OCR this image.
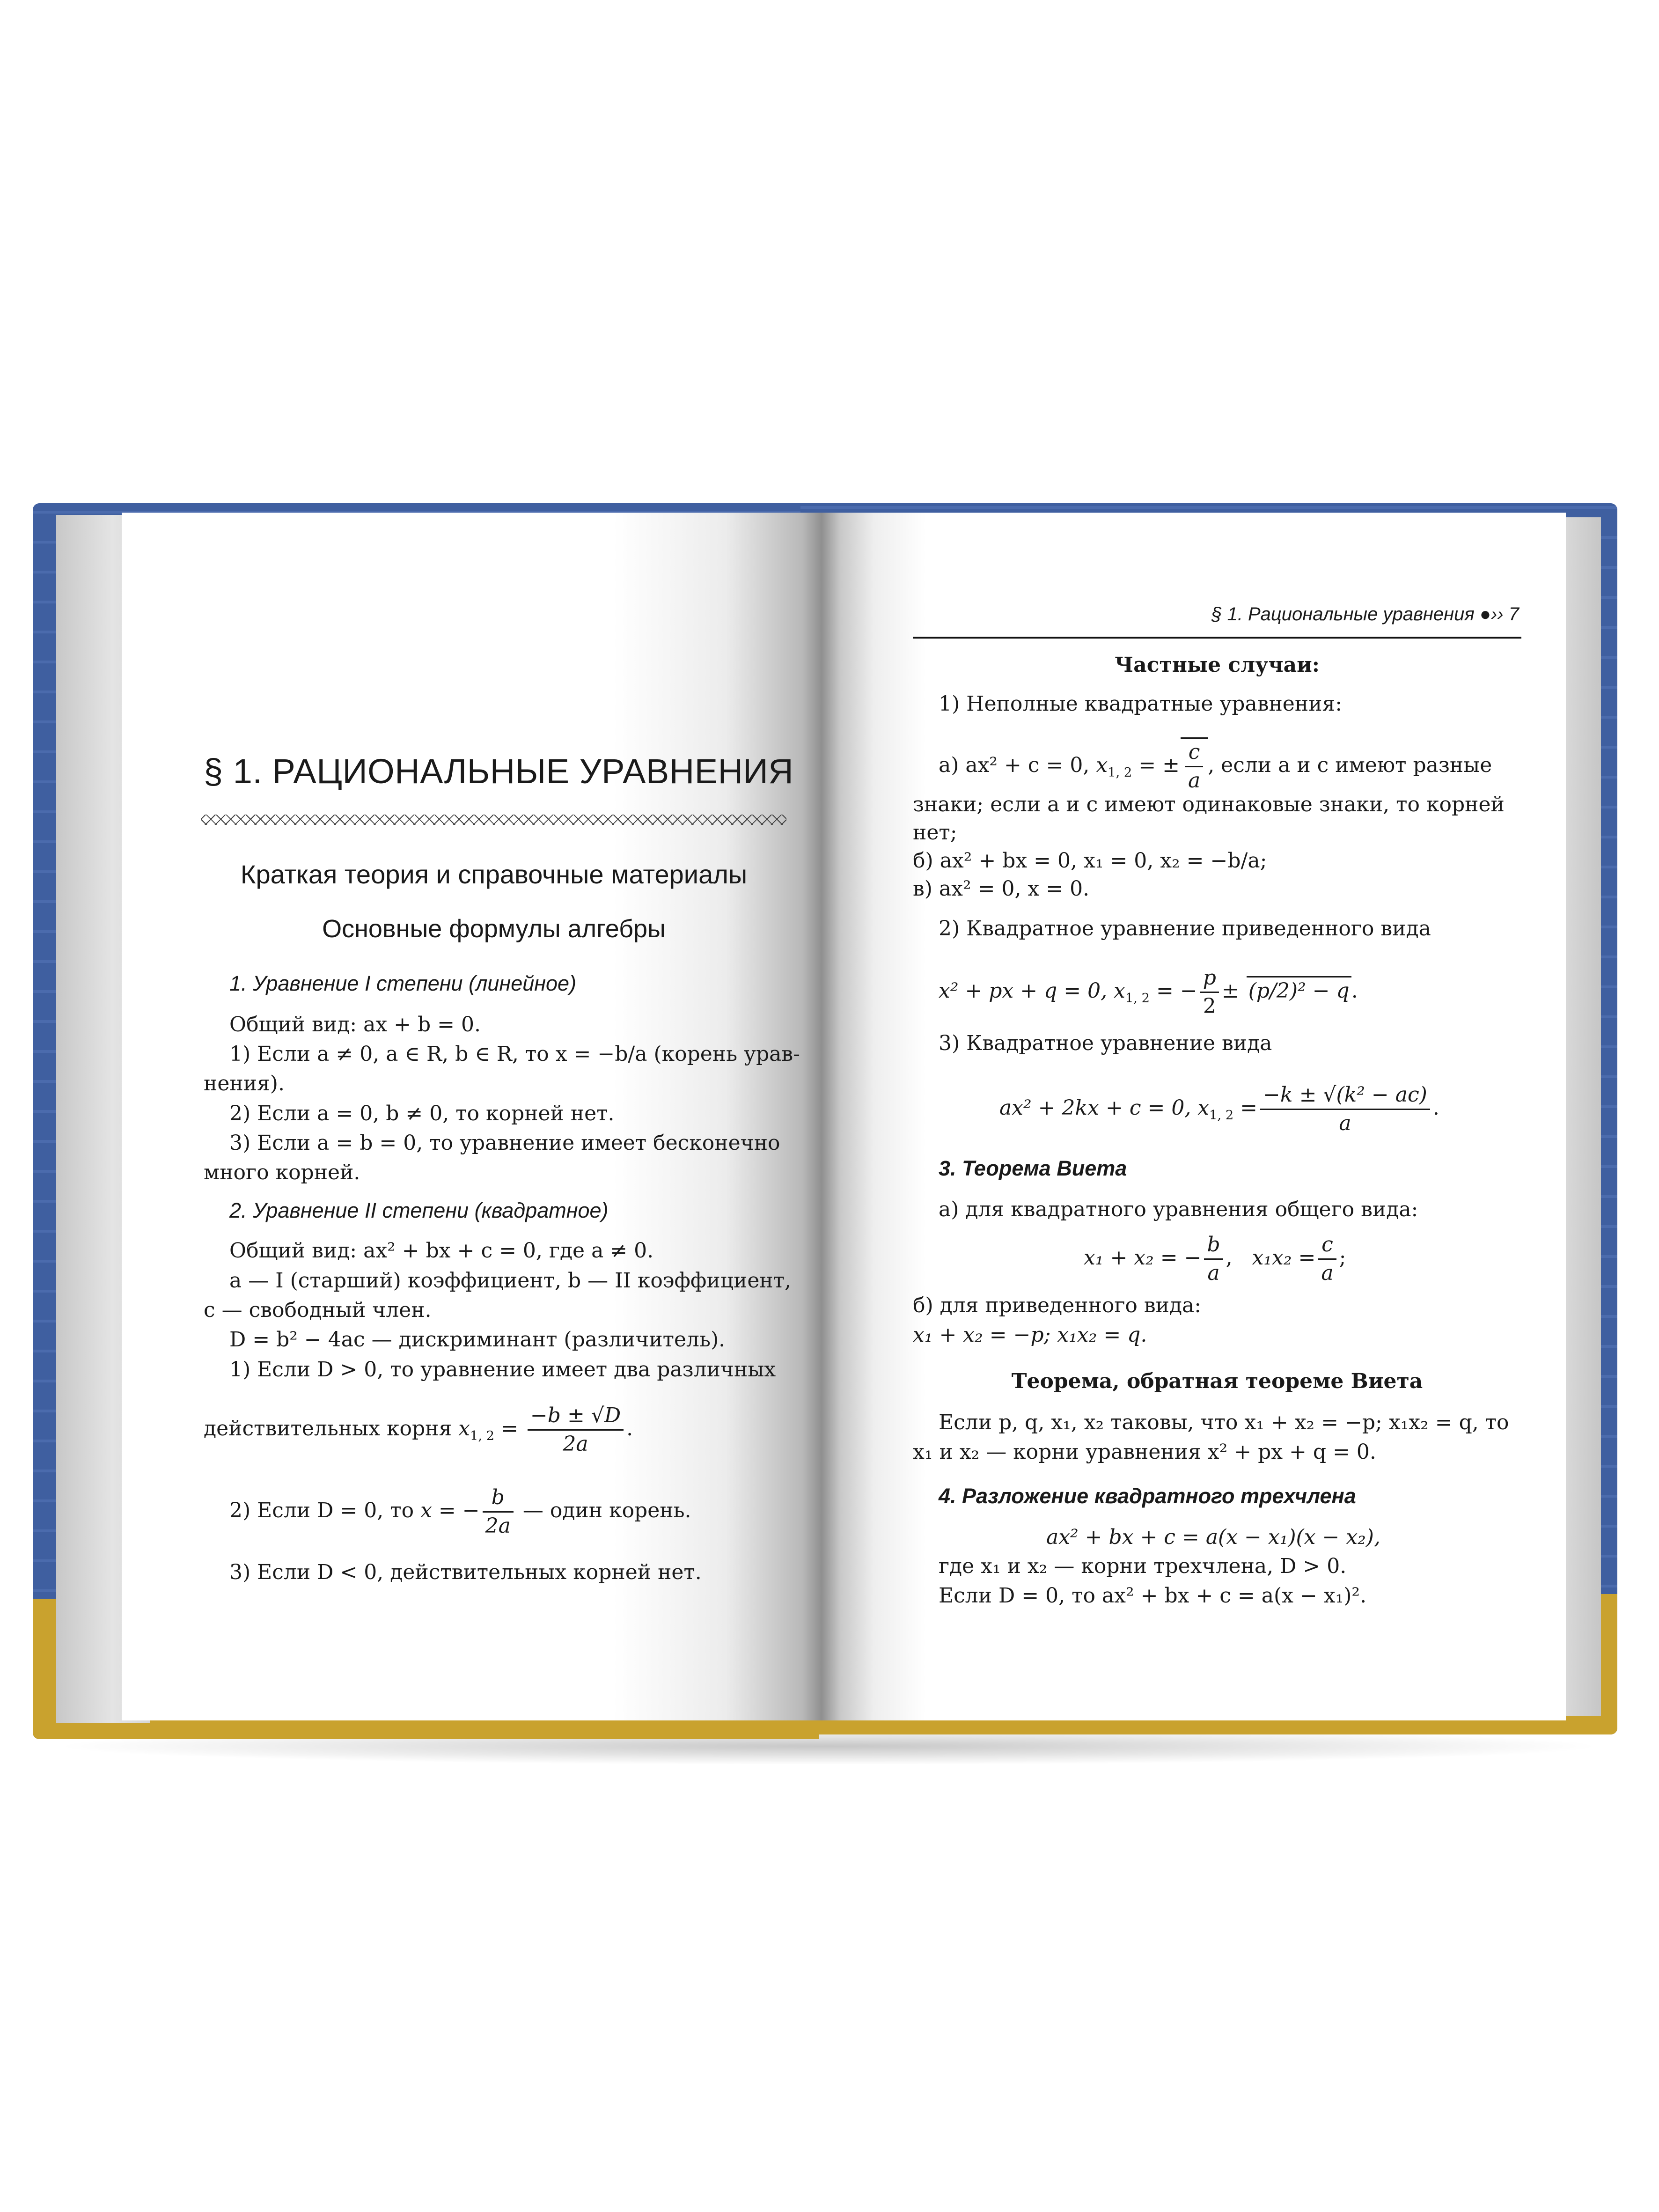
§ 1. РАЦИОНАЛЬНЫЕ УРАВНЕНИЯ
Краткая теория и справочные материалы
Основные формулы алгебры
1. Уравнение I степени (линейное)
Общий вид: ax + b = 0.
1) Если a ≠ 0, a ∈ R, b ∈ R, то x = −b/a (корень урав-
нения).
2) Если a = 0, b ≠ 0, то корней нет.
3) Если a = b = 0, то уравнение имеет бесконечно
много корней.
2. Уравнение II степени (квадратное)
Общий вид: ax² + bx + c = 0, где a ≠ 0.
a — I (старший) коэффициент, b — II коэффициент,
c — свободный член.
D = b² − 4ac — дискриминант (различитель).
1) Если D > 0, то уравнение имеет два различных
действительных корня $x_{1, 2} = \frac{-b \pm √D}{2a}$ .
2) Если D = 0, то x = − $\frac{b}{2a}$ — один корень.
3) Если D < 0, действительных корней нет.
§ 1. Рациональные уравнения ●›› 7
Частные случаи:
1) Неполные квадратные уравнения:
а) ax² + c = 0, $x_{1, 2}$ = ± $\frac{c}{a}$ , если a и c имеют разные
знаки; если a и c имеют одинаковые знаки, то корней
нет;
б) ax² + bx = 0, x₁ = 0, x₂ = −b/a;
в) ax² = 0, x = 0.
2) Квадратное уравнение приведенного вида
x² + px + q = 0, $x_{1, 2}$ = − $\frac{p}{2} \pm (p/2)^2 - q$.
3) Квадратное уравнение вида
ax² + 2kx + c = 0, $x_{1, 2} = \frac{\text{−k ± √(k² − ac)}}{a}$ .
3. Теорема Виета
а) для квадратного уравнения общего вида:
x₁ + x₂ = − $\frac{b}{a}$ , $x_1x_2 = \frac{c}{a}$ ;
б) для приведенного вида:
x₁ + x₂ = −p; x₁x₂ = q.
Теорема, обратная теореме Виета
Если p, q, x₁, x₂ таковы, что x₁ + x₂ = −p; x₁x₂ = q, то
x₁ и x₂ — корни уравнения x² + px + q = 0.
4. Разложение квадратного трехчлена
ax² + bx + c = a(x − x₁)(x − x₂),
где x₁ и x₂ — корни трехчлена, D > 0.
Если D = 0, то ax² + bx + c = a(x − x₁)².
